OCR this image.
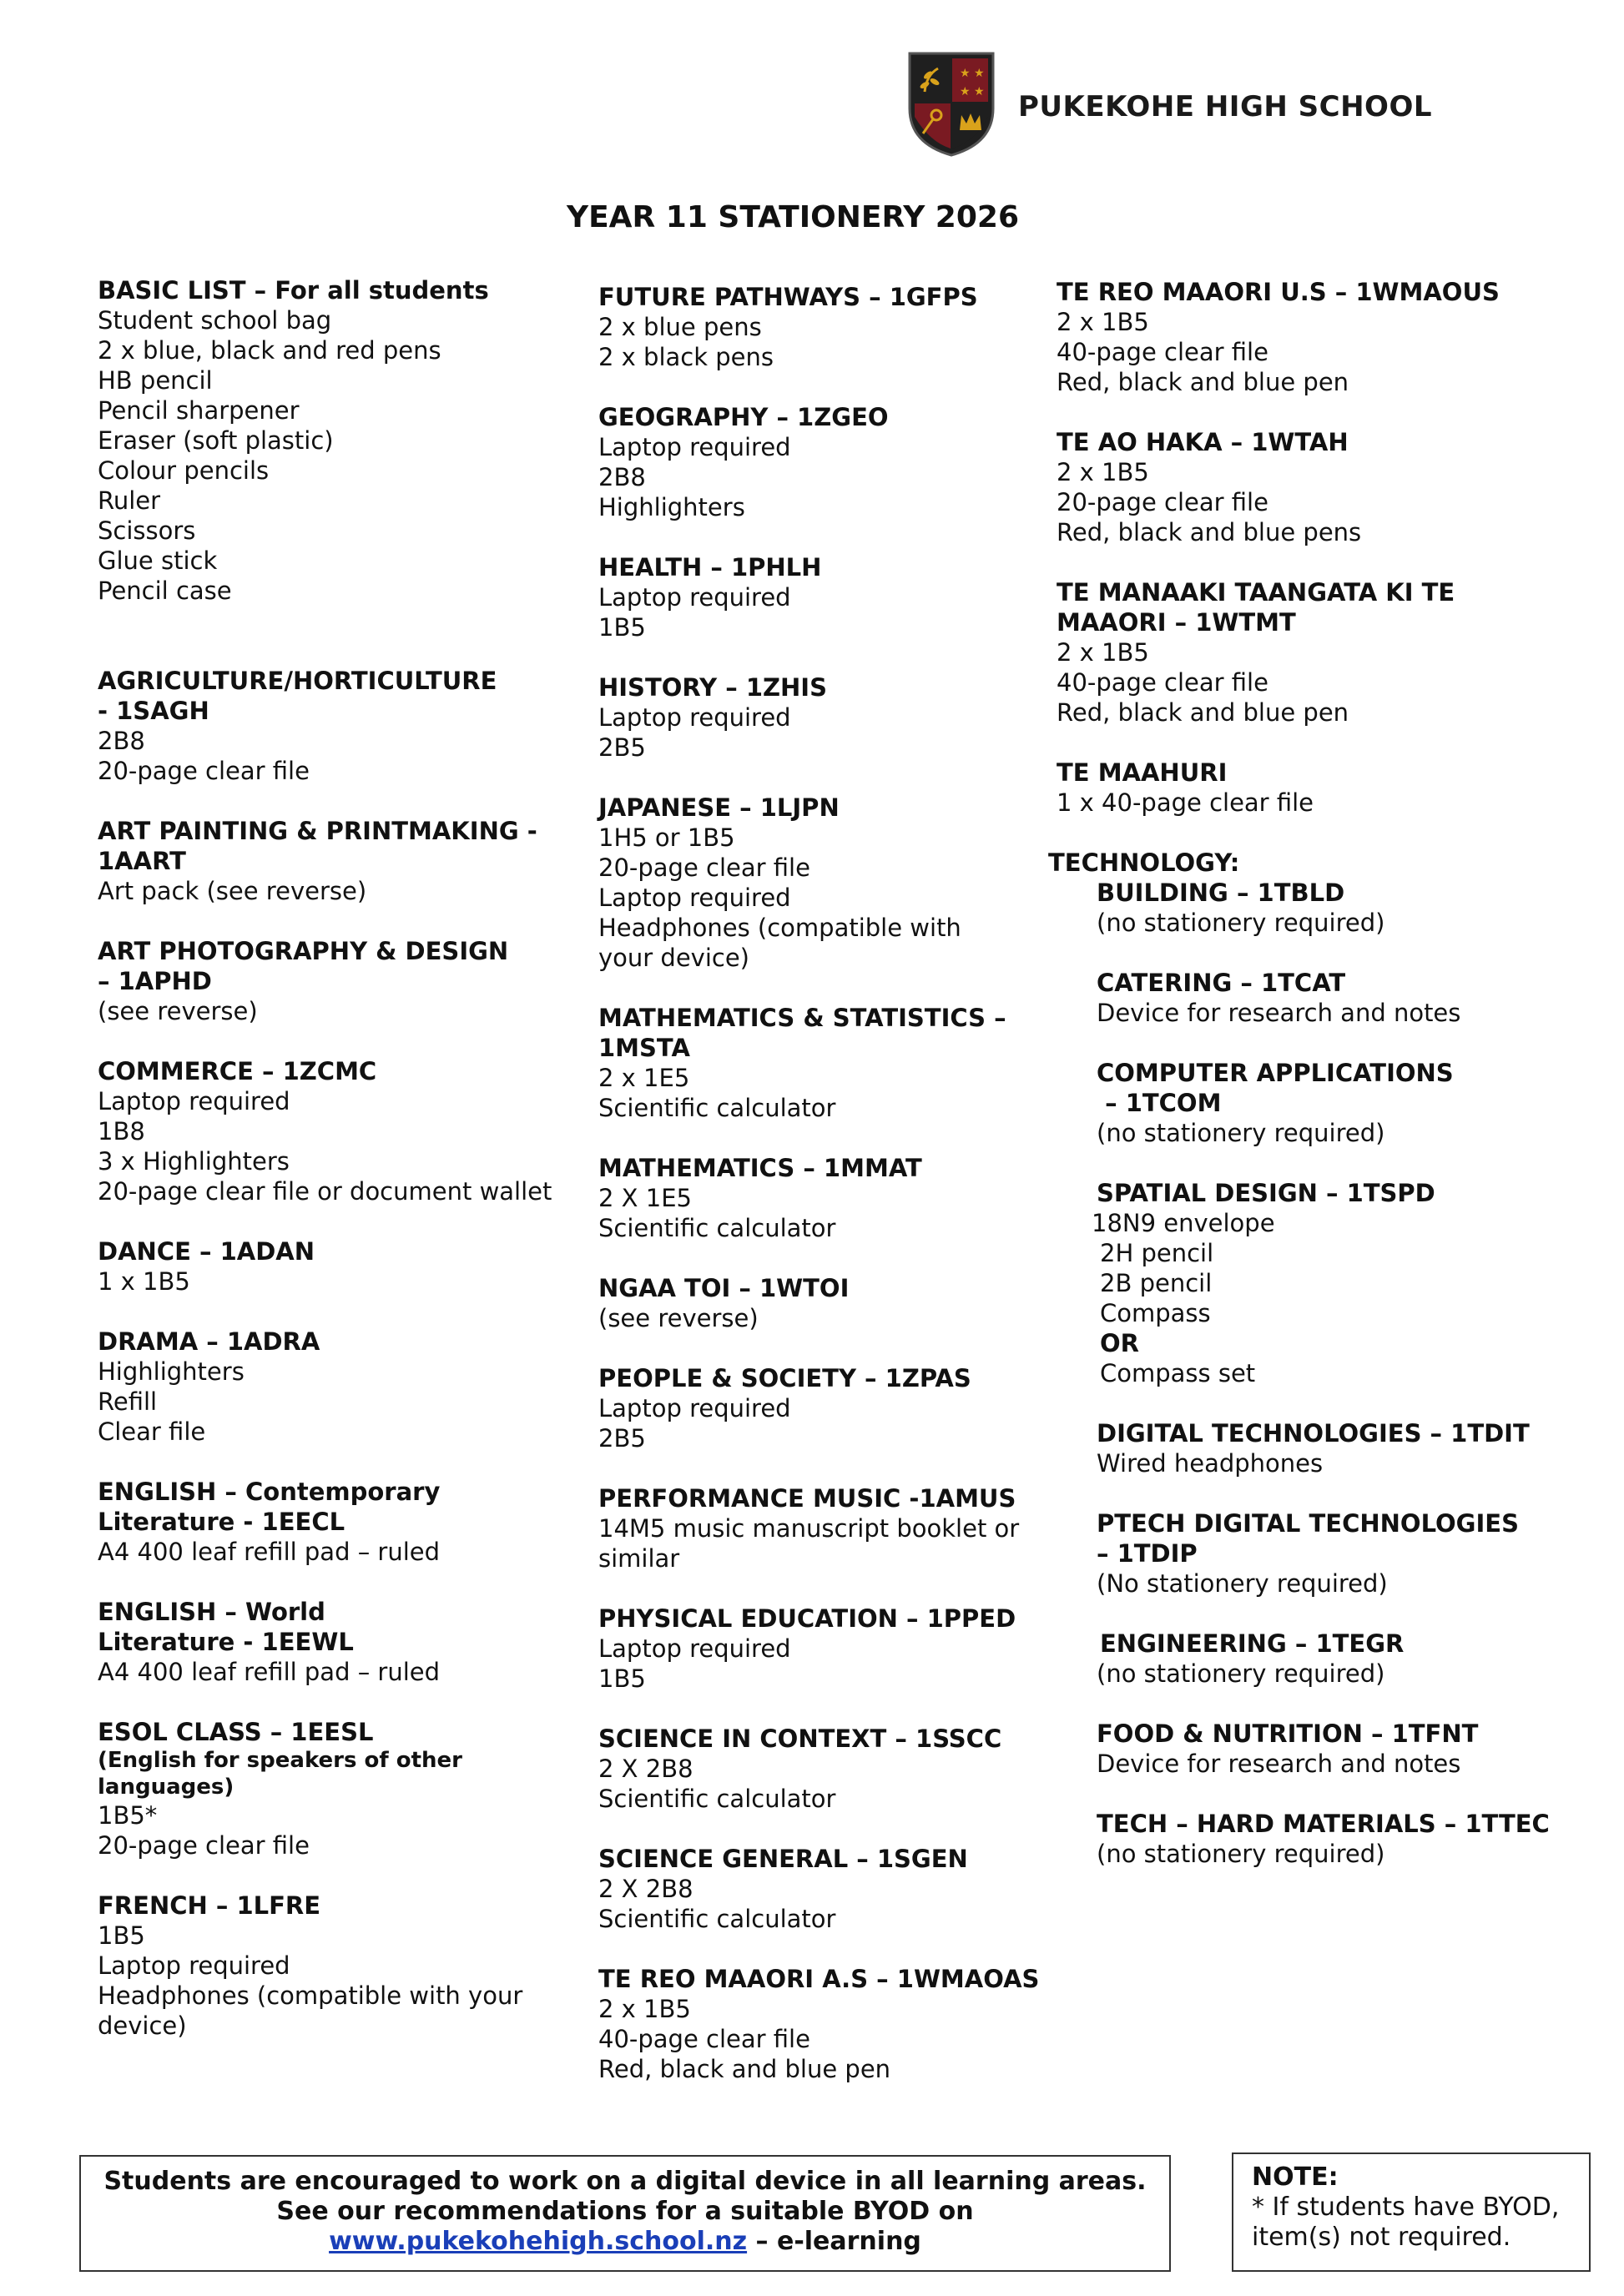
★ ★
★ ★ PUKEKOHE HIGH SCHOOL
YEAR 11 STATIONERY 2026
BASIC LIST – For all students
Student school bag
2 x blue, black and red pens
HB pencil
Pencil sharpener
Eraser (soft plastic)
Colour pencils
Ruler
Scissors
Glue stick
Pencil case
AGRICULTURE/HORTICULTURE
- 1SAGH
2B8
20-page clear file
ART PAINTING & PRINTMAKING -
1AART
Art pack (see reverse)
ART PHOTOGRAPHY & DESIGN
– 1APHD
(see reverse)
COMMERCE – 1ZCMC
Laptop required
1B8
3 x Highlighters
20-page clear file or document wallet
DANCE – 1ADAN
1 x 1B5
DRAMA – 1ADRA
Highlighters
Refill
Clear file
ENGLISH – Contemporary
Literature - 1EECL
A4 400 leaf refill pad – ruled
ENGLISH – World
Literature - 1EEWL
A4 400 leaf refill pad – ruled
ESOL CLASS – 1EESL
(English for speakers of other
languages)
1B5*
20-page clear file
FRENCH – 1LFRE
1B5
Laptop required
Headphones (compatible with your
device)
FUTURE PATHWAYS – 1GFPS
2 x blue pens
2 x black pens
GEOGRAPHY – 1ZGEO
Laptop required
2B8
Highlighters
HEALTH – 1PHLH
Laptop required
1B5
HISTORY – 1ZHIS
Laptop required
2B5
JAPANESE – 1LJPN
1H5 or 1B5
20-page clear file
Laptop required
Headphones (compatible with
your device)
MATHEMATICS & STATISTICS –
1MSTA
2 x 1E5
Scientific calculator
MATHEMATICS – 1MMAT
2 X 1E5
Scientific calculator
NGAA TOI – 1WTOI
(see reverse)
PEOPLE & SOCIETY – 1ZPAS
Laptop required
2B5
PERFORMANCE MUSIC -1AMUS
14M5 music manuscript booklet or
similar
PHYSICAL EDUCATION – 1PPED
Laptop required
1B5
SCIENCE IN CONTEXT – 1SSCC
2 X 2B8
Scientific calculator
SCIENCE GENERAL – 1SGEN
2 X 2B8
Scientific calculator
TE REO MAAORI A.S – 1WMAOAS
2 x 1B5
40-page clear file
Red, black and blue pen
TE REO MAAORI U.S – 1WMAOUS
2 x 1B5
40-page clear file
Red, black and blue pen
TE AO HAKA – 1WTAH
2 x 1B5
20-page clear file
Red, black and blue pens
TE MANAAKI TAANGATA KI TE
MAAORI – 1WTMT
2 x 1B5
40-page clear file
Red, black and blue pen
TE MAAHURI
1 x 40-page clear file
TECHNOLOGY:
BUILDING – 1TBLD
(no stationery required)
CATERING – 1TCAT
Device for research and notes
COMPUTER APPLICATIONS
– 1TCOM
(no stationery required)
SPATIAL DESIGN – 1TSPD
18N9 envelope
2H pencil
2B pencil
Compass
OR
Compass set
DIGITAL TECHNOLOGIES – 1TDIT
Wired headphones
PTECH DIGITAL TECHNOLOGIES
– 1TDIP
(No stationery required)
ENGINEERING – 1TEGR
(no stationery required)
FOOD & NUTRITION – 1TFNT
Device for research and notes
TECH – HARD MATERIALS – 1TTEC
(no stationery required)
Students are encouraged to work on a digital device in all learning areas.
See our recommendations for a suitable BYOD on
www.pukekohehigh.school.nz – e-learning
NOTE:
* If students have BYOD,
item(s) not required.
